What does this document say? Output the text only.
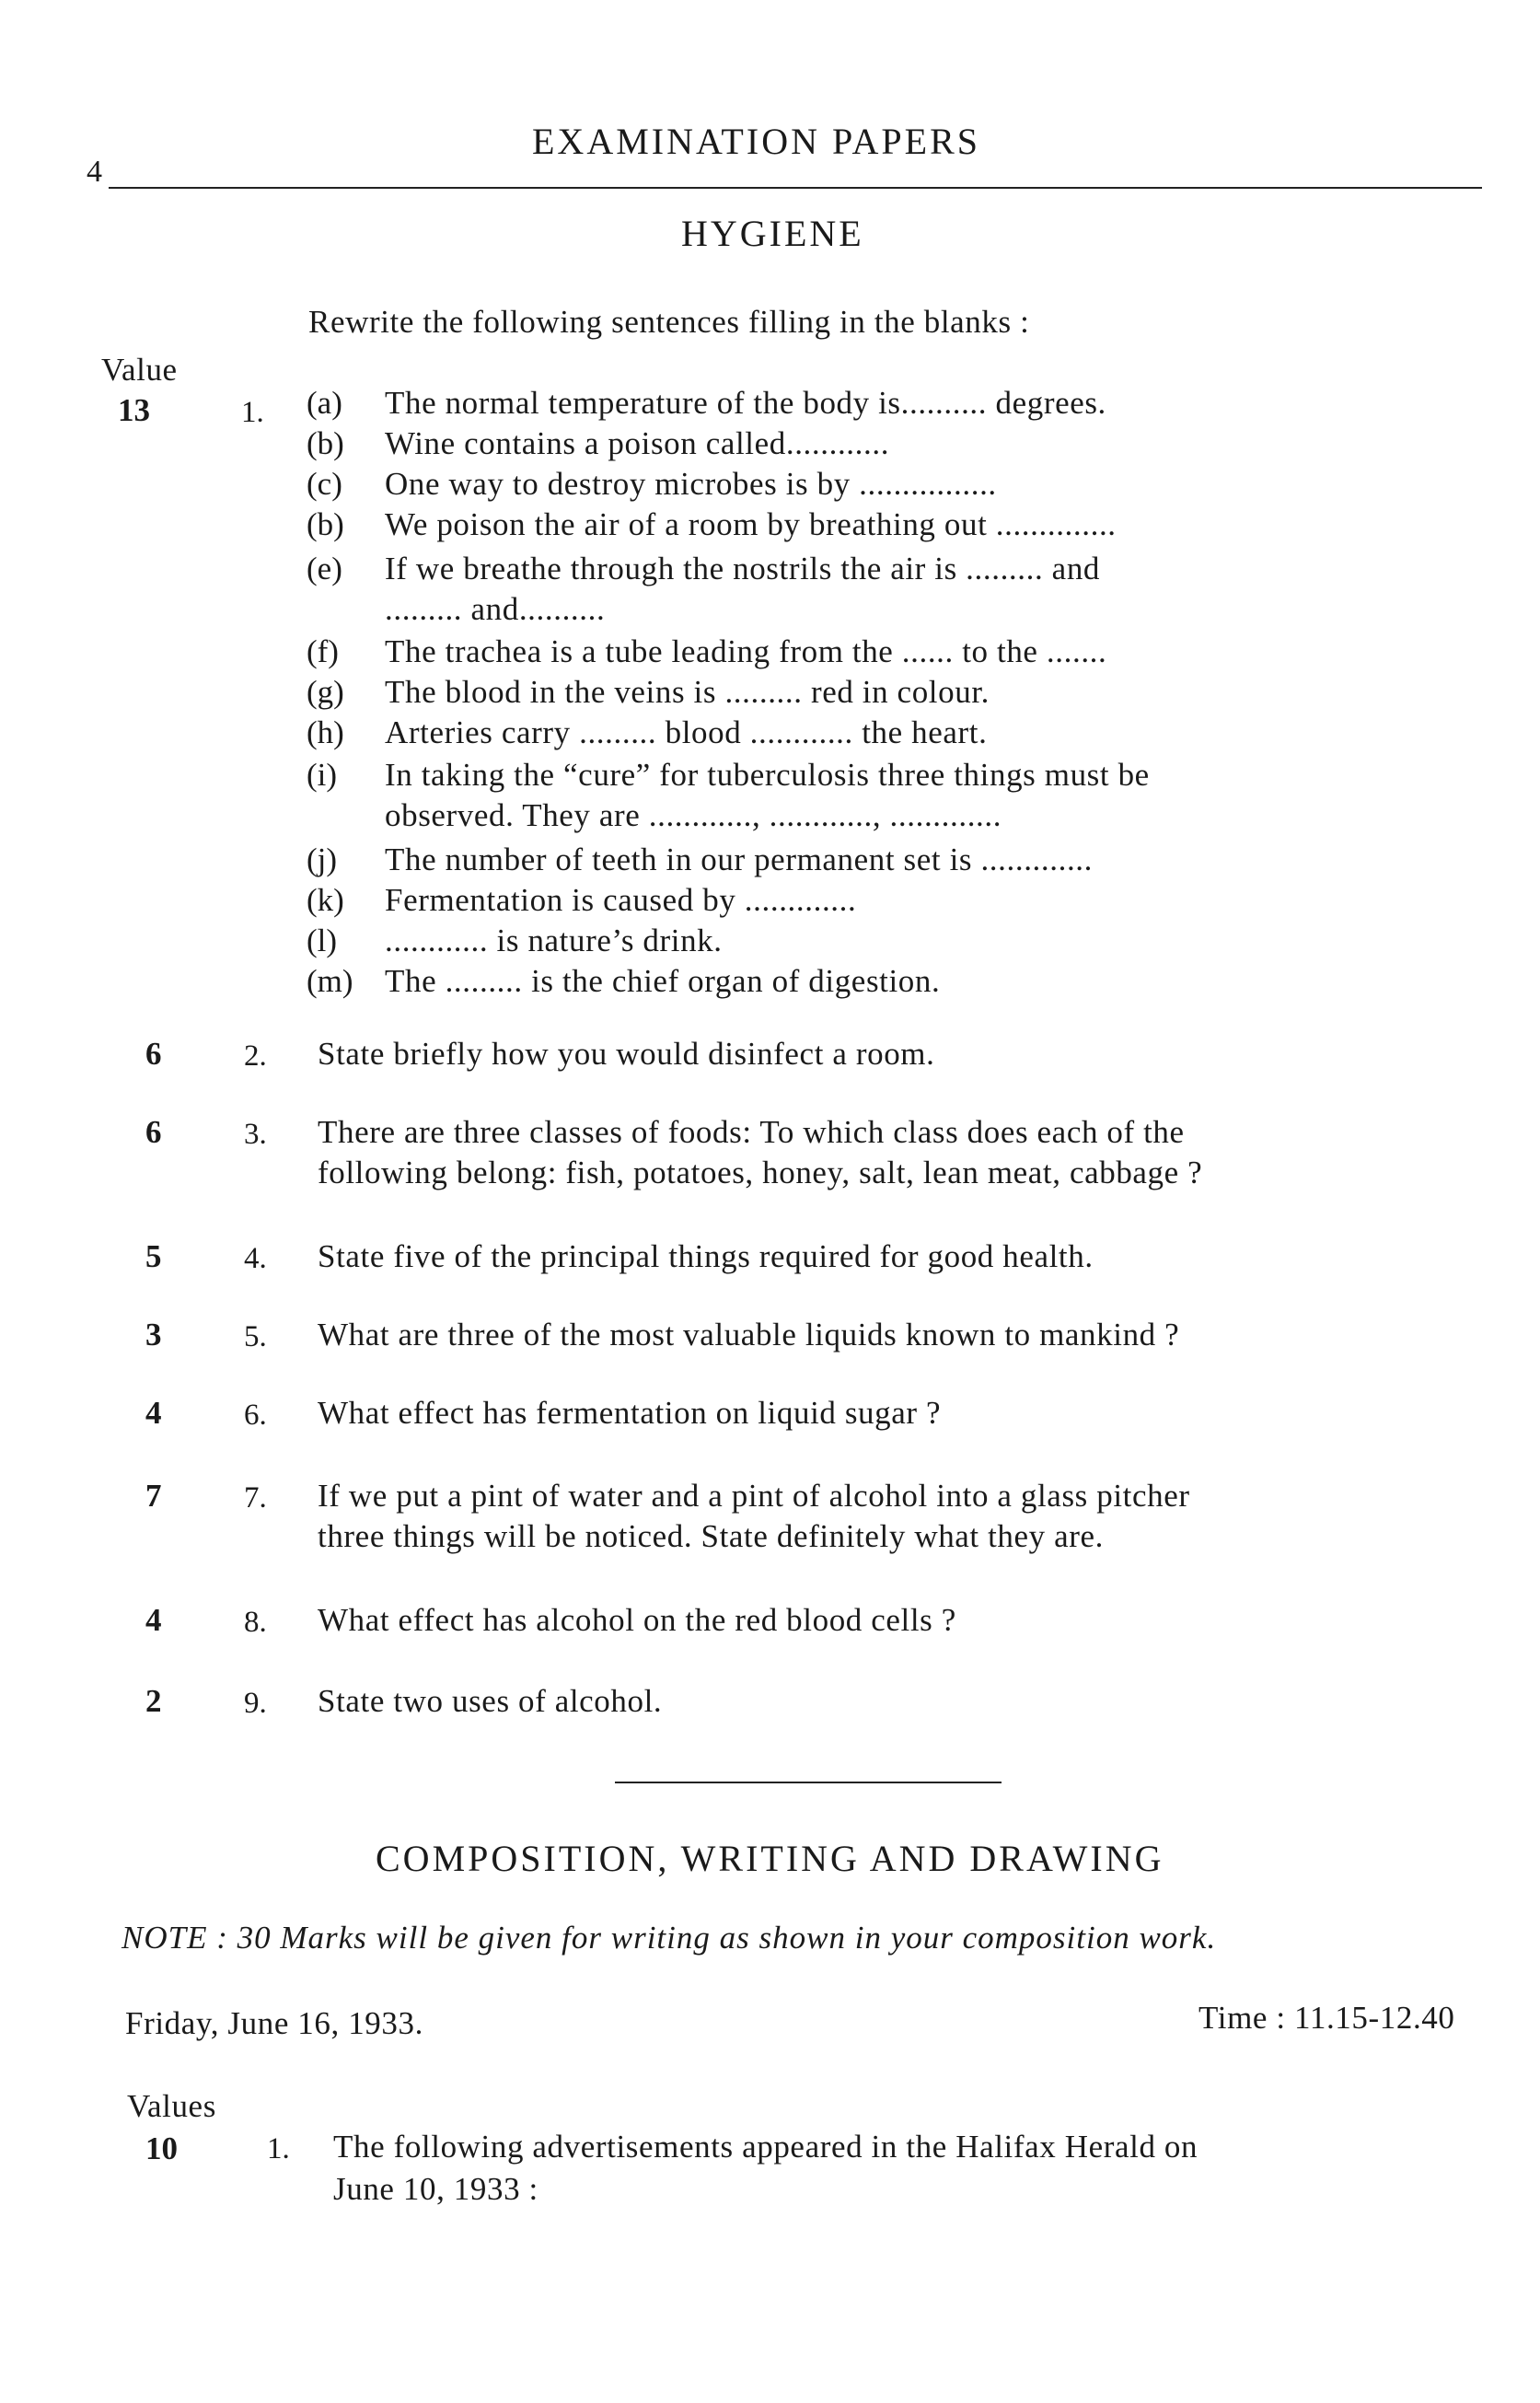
4
EXAMINATION PAPERS
HYGIENE
Rewrite the following sentences filling in the blanks :
Value
13	1. (a) The normal temperature of the body is.......... degrees.
(b) Wine contains a poison called............
(c) One way to destroy microbes is by ................
(b) We poison the air of a room by breathing out ..............
(e) If we breathe through the nostrils the air is ......... and
......... and..........
(f) The trachea is a tube leading from the ...... to the .......
(g) The blood in the veins is ......... red in colour.
(h) Arteries carry ......... blood ............ the heart.
(i) In taking the “cure” for tuberculosis three things must be
observed. They are ............, ............, .............
(j) The number of teeth in our permanent set is .............
(k) Fermentation is caused by .............
(l) ............ is nature’s drink.
(m) The ......... is the chief organ of digestion.
6	2. State briefly how you would disinfect a room.
6	3. There are three classes of foods: To which class does each of the
following belong: fish, potatoes, honey, salt, lean meat, cabbage ?
5	4. State five of the principal things required for good health.
3	5. What are three of the most valuable liquids known to mankind ?
4	6. What effect has fermentation on liquid sugar ?
7	7. If we put a pint of water and a pint of alcohol into a glass pitcher
three things will be noticed. State definitely what they are.
4	8. What effect has alcohol on the red blood cells ?
2	9. State two uses of alcohol.
COMPOSITION, WRITING AND DRAWING
NOTE : 30 Marks will be given for writing as shown in your composition work.
Friday, June 16, 1933.	Time : 11.15-12.40
Values
10	1. The following advertisements appeared in the Halifax Herald on
June 10, 1933 :
